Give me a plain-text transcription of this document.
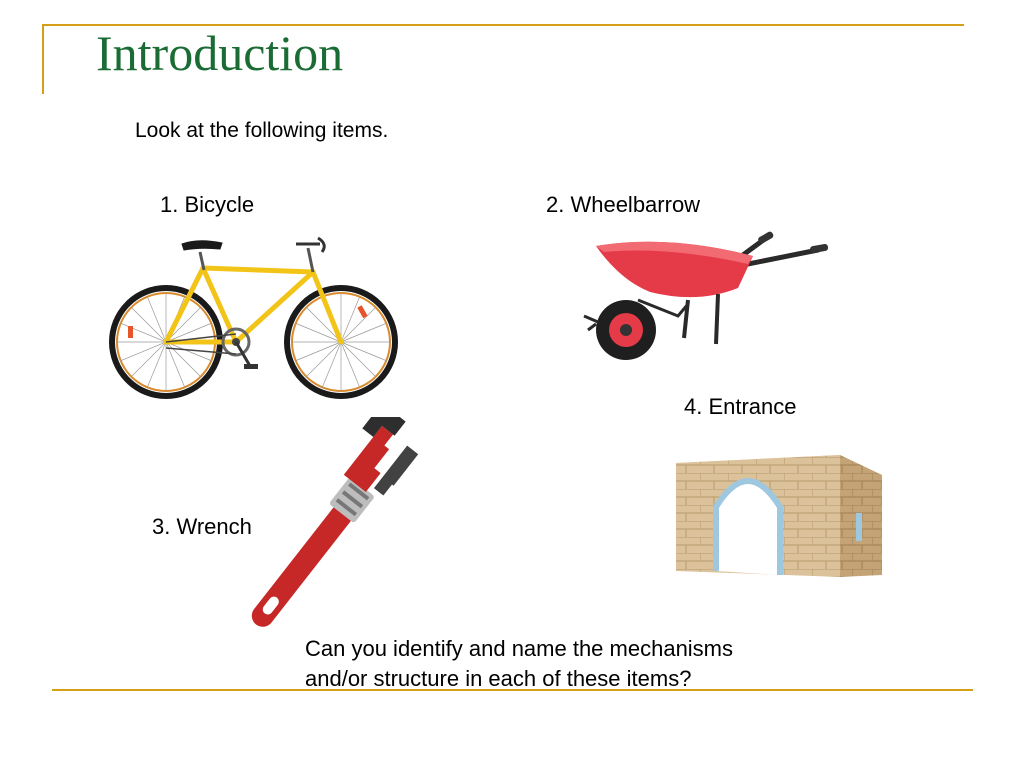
Introduction
Look at the following items.
1. Bicycle	2. Wheelbarrow
3. Wrench
4. Entrance
Can you identify and name the mechanisms and/or structure in each of these items?
